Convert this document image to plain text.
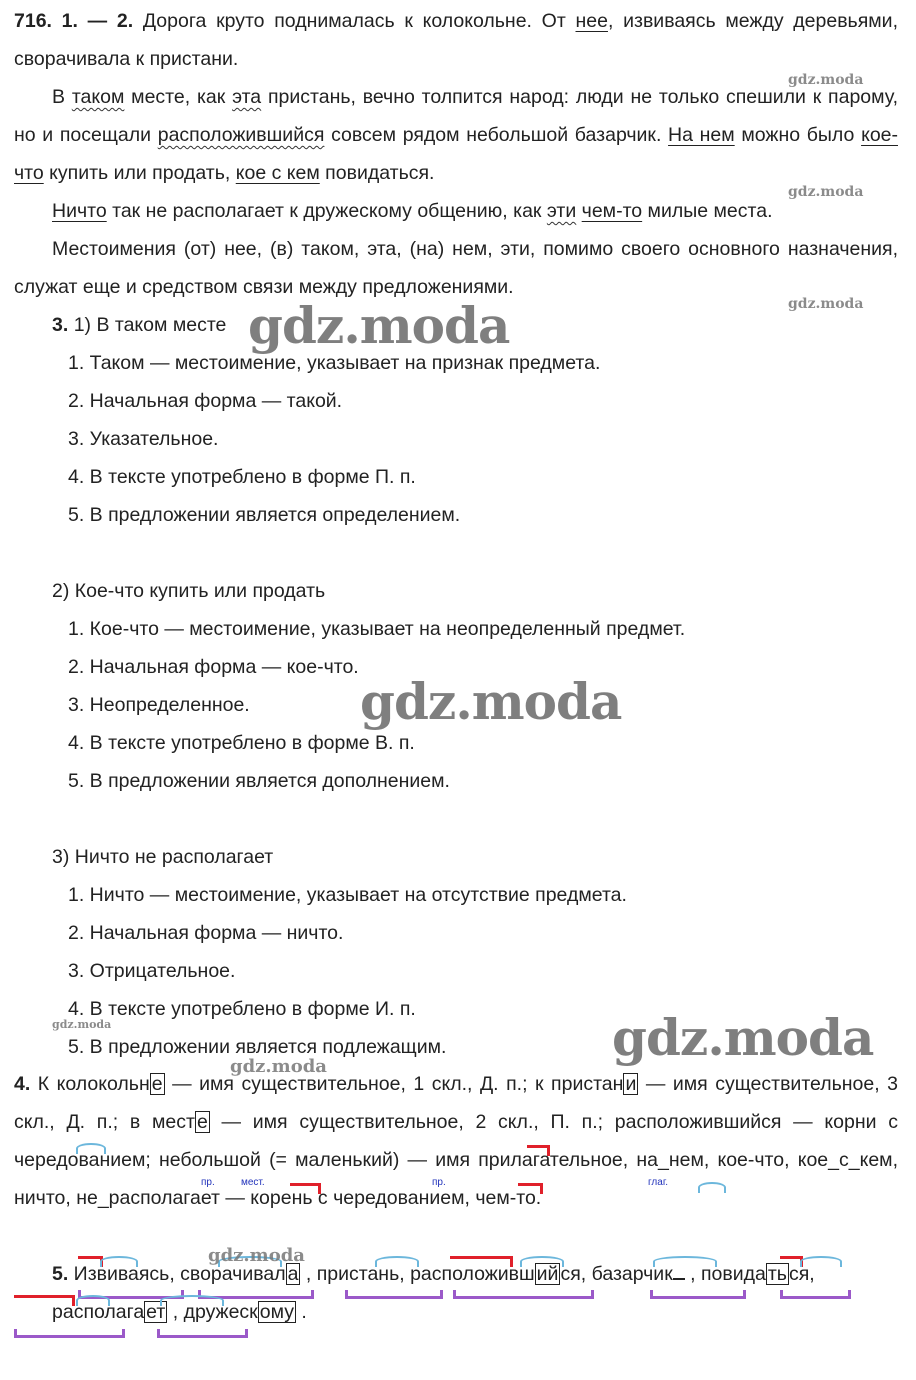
716. 1. — 2. Дорога круто поднималась к колокольне. От нее, извиваясь между деревьями, сворачивала к пристани.
В таком месте, как эта пристань, вечно толпится народ: люди не только спешили к парому, но и посещали расположившийся совсем рядом небольшой базарчик. На нем можно было кое-что купить или продать, кое с кем повидаться.
Ничто так не располагает к дружескому общению, как эти чем-то милые места.
Местоимения (от) нее, (в) таком, эта, (на) нем, эти, помимо своего основного назначения, служат еще и средством связи между предложениями.
3. 1) В таком месте
1. Таком — местоимение, указывает на признак предмета.
2. Начальная форма — такой.
3. Указательное.
4. В тексте употреблено в форме П. п.
5. В предложении является определением.
2) Кое-что купить или продать
1. Кое-что — местоимение, указывает на неопределенный предмет.
2. Начальная форма — кое-что.
3. Неопределенное.
4. В тексте употреблено в форме В. п.
5. В предложении является дополнением.
3) Ничто не располагает
1. Ничто — местоимение, указывает на отсутствие предмета.
2. Начальная форма — ничто.
3. Отрицательное.
4. В тексте употреблено в форме И. п.
5. В предложении является подлежащим.
4. К колокольн е — имя существительное, 1 скл., Д. п.; к пристан и — имя существительное, 3 скл., Д. п.; в мест е — имя существительное, 2 скл., П. п.; расположившийся — корни с чередованием; небольшой (= маленький) — имя прилагательное, на_нем, кое-что, кое_с_кем, ничто, не_располагает — корень с чередованием, чем-то.
пр.	мест.	пр.	глаг.
5. Извиваясь, сворачивал а , пристань, расположивш ий ся, базарчик , повида ть ся, располага ет , дружеск ому .
gdz.moda
gdz.moda
gdz.moda
gdz.moda
gdz.moda
gdz.moda
gdz.moda
gdz.moda
gdz.moda
